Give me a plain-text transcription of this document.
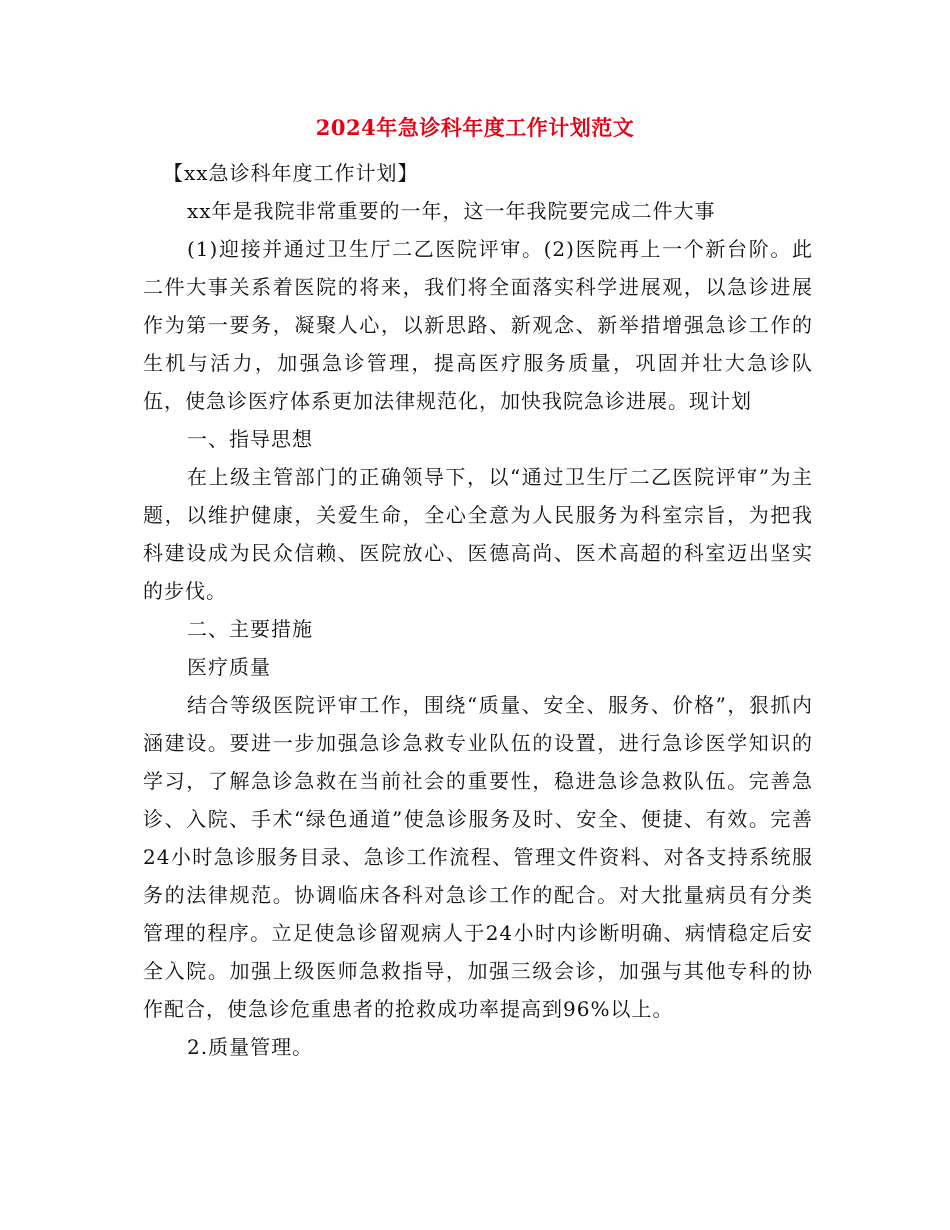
2024年急诊科年度工作计划范文

【xx急诊科年度工作计划】

xx年是我院非常重要的一年，这一年我院要完成二件大事

(1)迎接并通过卫生厅二乙医院评审。(2)医院再上一个新台阶。此二件大事关系着医院的将来，我们将全面落实科学进展观，以急诊进展作为第一要务，凝聚人心，以新思路、新观念、新举措增强急诊工作的生机与活力，加强急诊管理，提高医疗服务质量，巩固并壮大急诊队伍，使急诊医疗体系更加法律规范化，加快我院急诊进展。现计划

一、指导思想

在上级主管部门的正确领导下，以“通过卫生厅二乙医院评审”为主题，以维护健康，关爱生命，全心全意为人民服务为科室宗旨，为把我科建设成为民众信赖、医院放心、医德高尚、医术高超的科室迈出坚实的步伐。

二、主要措施

医疗质量

结合等级医院评审工作，围绕“质量、安全、服务、价格”，狠抓内涵建设。要进一步加强急诊急救专业队伍的设置，进行急诊医学知识的学习，了解急诊急救在当前社会的重要性，稳进急诊急救队伍。完善急诊、入院、手术“绿色通道”使急诊服务及时、安全、便捷、有效。完善24小时急诊服务目录、急诊工作流程、管理文件资料、对各支持系统服务的法律规范。协调临床各科对急诊工作的配合。对大批量病员有分类管理的程序。立足使急诊留观病人于24小时内诊断明确、病情稳定后安全入院。加强上级医师急救指导，加强三级会诊，加强与其他专科的协作配合，使急诊危重患者的抢救成功率提高到96%以上。

2.质量管理。
